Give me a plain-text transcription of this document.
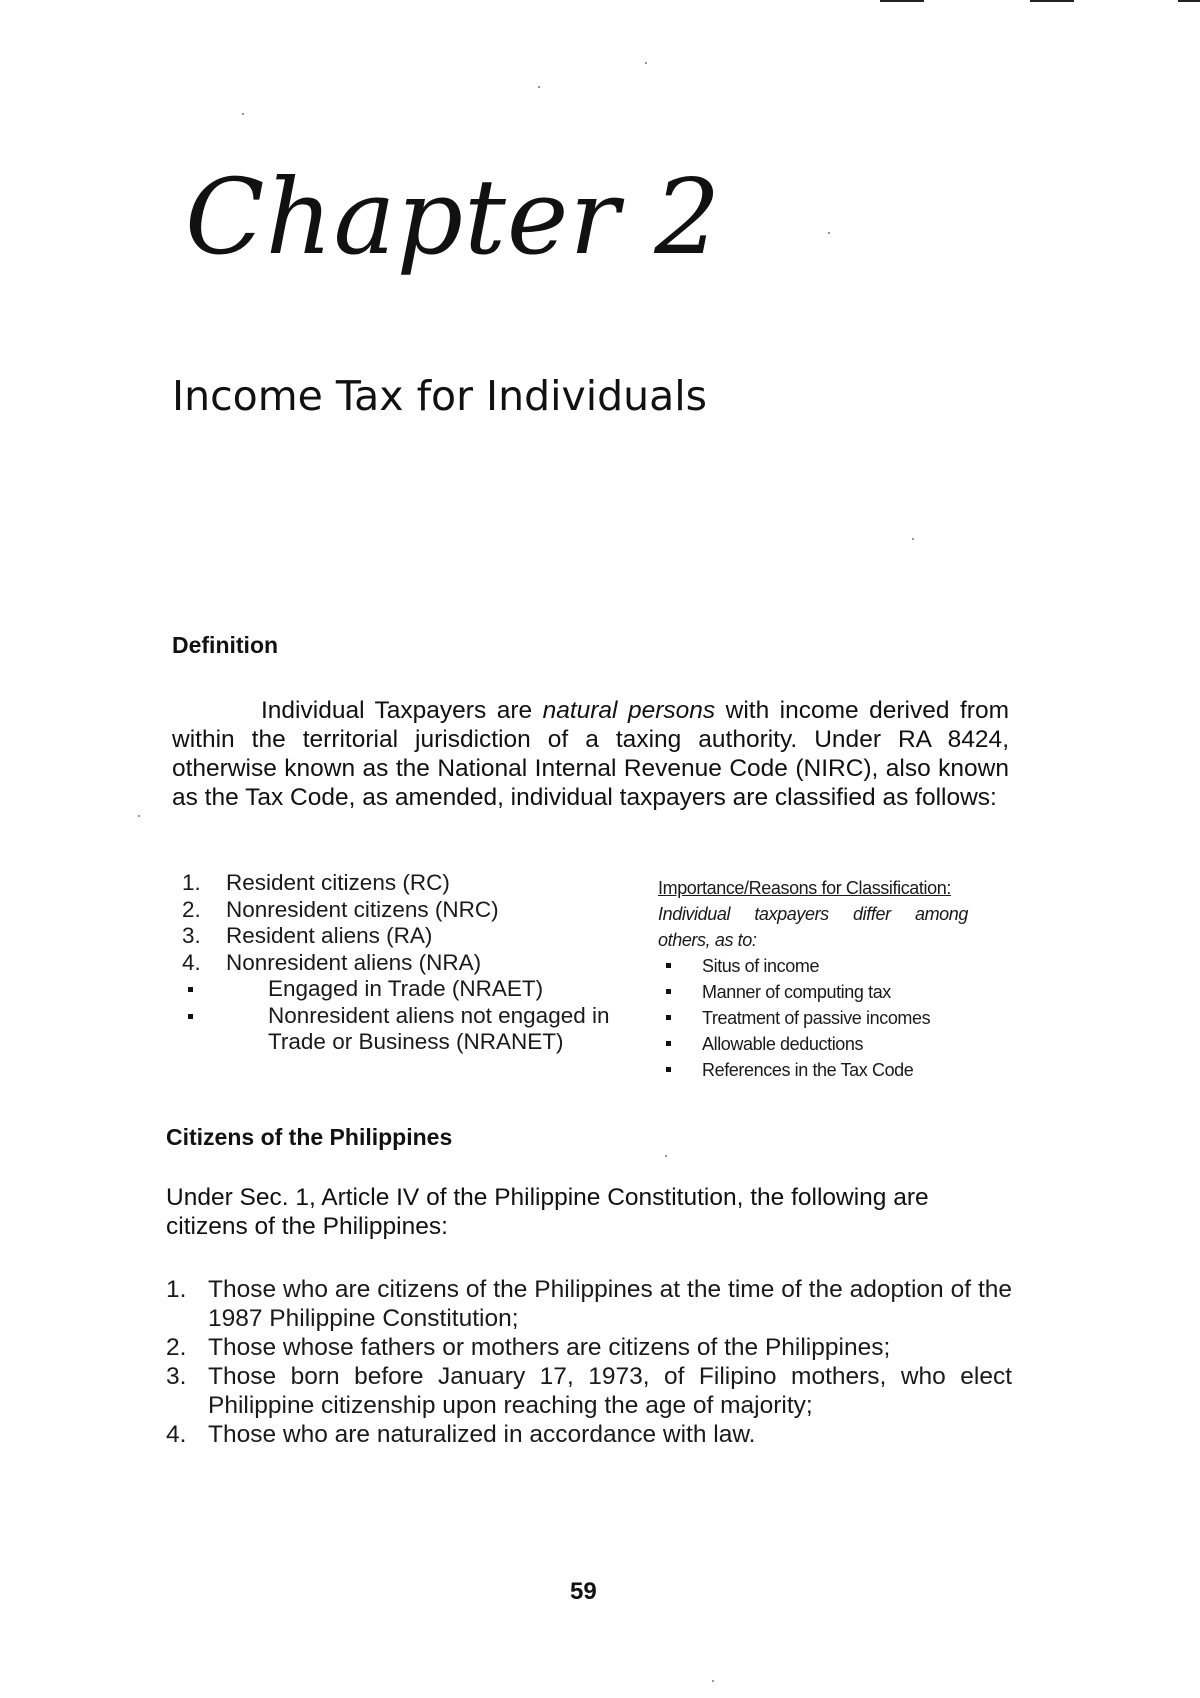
Chapter 2
Income Tax for Individuals
Definition

Individual Taxpayers are natural persons with income derived from within the territorial jurisdiction of a taxing authority. Under RA 8424, otherwise known as the National Internal Revenue Code (NIRC), also known as the Tax Code, as amended, individual taxpayers are classified as follows:

1. Resident citizens (RC)
2. Nonresident citizens (NRC)
3. Resident aliens (RA)
4. Nonresident aliens (NRA)
Engaged in Trade (NRAET)
Nonresident aliens not engaged in Trade or Business (NRANET)
Importance/Reasons for Classification:
Individual taxpayers differ among
others, as to:
Situs of income
Manner of computing tax
Treatment of passive incomes
Allowable deductions
References in the Tax Code
Citizens of the Philippines

Under Sec. 1, Article IV of the Philippine Constitution, the following are citizens of the Philippines:

1. Those who are citizens of the Philippines at the time of the adoption of the 1987 Philippine Constitution;
2. Those whose fathers or mothers are citizens of the Philippines;
3. Those born before January 17, 1973, of Filipino mothers, who elect Philippine citizenship upon reaching the age of majority;
4. Those who are naturalized in accordance with law.
59
